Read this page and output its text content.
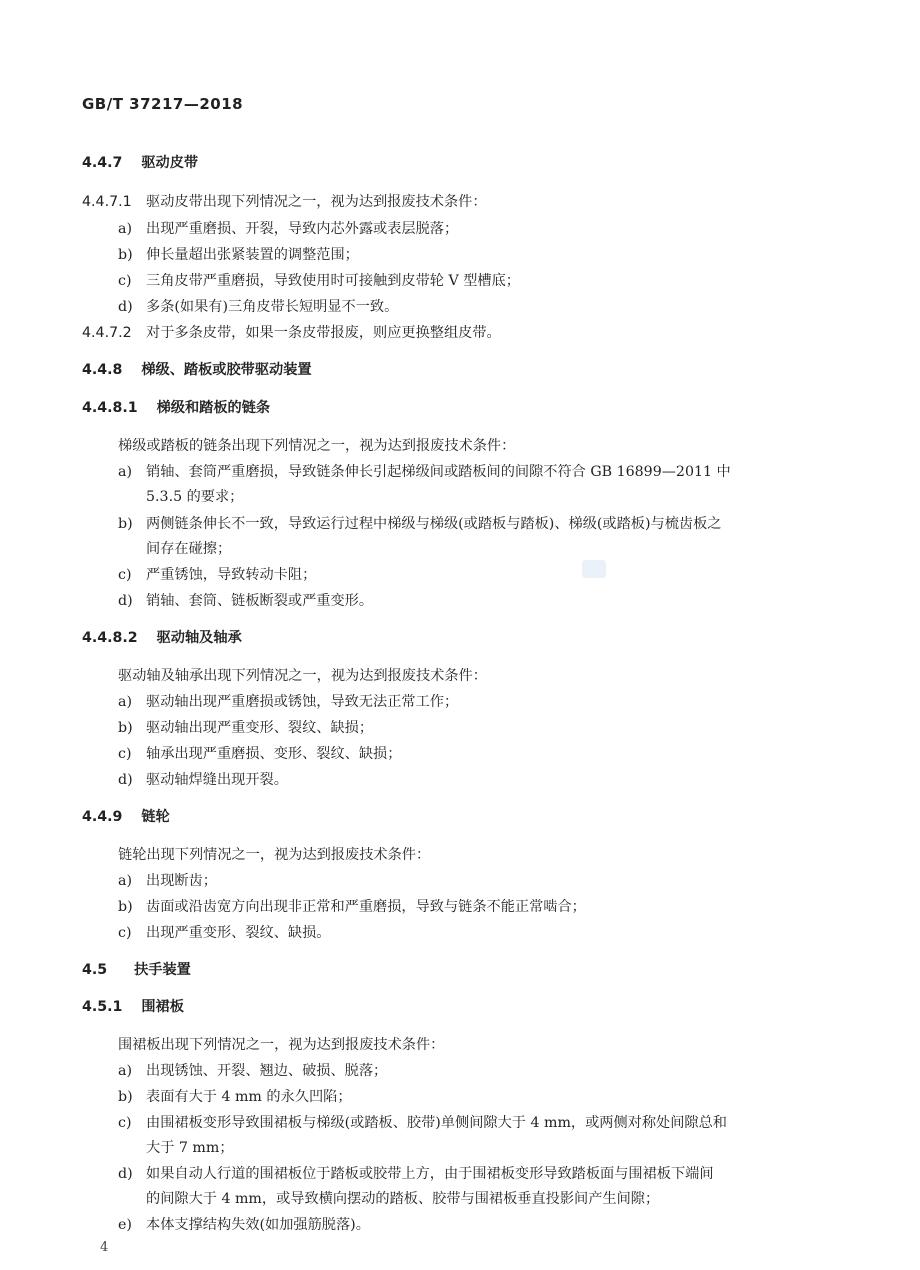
GB/T 37217—2018
4.4.7 驱动皮带
4.4.7.1 驱动皮带出现下列情况之一，视为达到报废技术条件：
a) 出现严重磨损、开裂，导致内芯外露或表层脱落；
b) 伸长量超出张紧装置的调整范围；
c) 三角皮带严重磨损，导致使用时可接触到皮带轮 V 型槽底；
d) 多条(如果有)三角皮带长短明显不一致。
4.4.7.2 对于多条皮带，如果一条皮带报废，则应更换整组皮带。
4.4.8 梯级、踏板或胶带驱动装置
4.4.8.1 梯级和踏板的链条
梯级或踏板的链条出现下列情况之一，视为达到报废技术条件：
a) 销轴、套筒严重磨损，导致链条伸长引起梯级间或踏板间的间隙不符合 GB 16899—2011 中
5.3.5 的要求；
b) 两侧链条伸长不一致，导致运行过程中梯级与梯级(或踏板与踏板)、梯级(或踏板)与梳齿板之
间存在碰擦；
c) 严重锈蚀，导致转动卡阻；
d) 销轴、套筒、链板断裂或严重变形。
4.4.8.2 驱动轴及轴承
驱动轴及轴承出现下列情况之一，视为达到报废技术条件：
a) 驱动轴出现严重磨损或锈蚀，导致无法正常工作；
b) 驱动轴出现严重变形、裂纹、缺损；
c) 轴承出现严重磨损、变形、裂纹、缺损；
d) 驱动轴焊缝出现开裂。
4.4.9 链轮
链轮出现下列情况之一，视为达到报废技术条件：
a) 出现断齿；
b) 齿面或沿齿宽方向出现非正常和严重磨损，导致与链条不能正常啮合；
c) 出现严重变形、裂纹、缺损。
4.5 扶手装置
4.5.1 围裙板
围裙板出现下列情况之一，视为达到报废技术条件：
a) 出现锈蚀、开裂、翘边、破损、脱落；
b) 表面有大于 4 mm 的永久凹陷；
c) 由围裙板变形导致围裙板与梯级(或踏板、胶带)单侧间隙大于 4 mm，或两侧对称处间隙总和
大于 7 mm；
d) 如果自动人行道的围裙板位于踏板或胶带上方，由于围裙板变形导致踏板面与围裙板下端间
的间隙大于 4 mm，或导致横向摆动的踏板、胶带与围裙板垂直投影间产生间隙；
e) 本体支撑结构失效(如加强筋脱落)。
4
